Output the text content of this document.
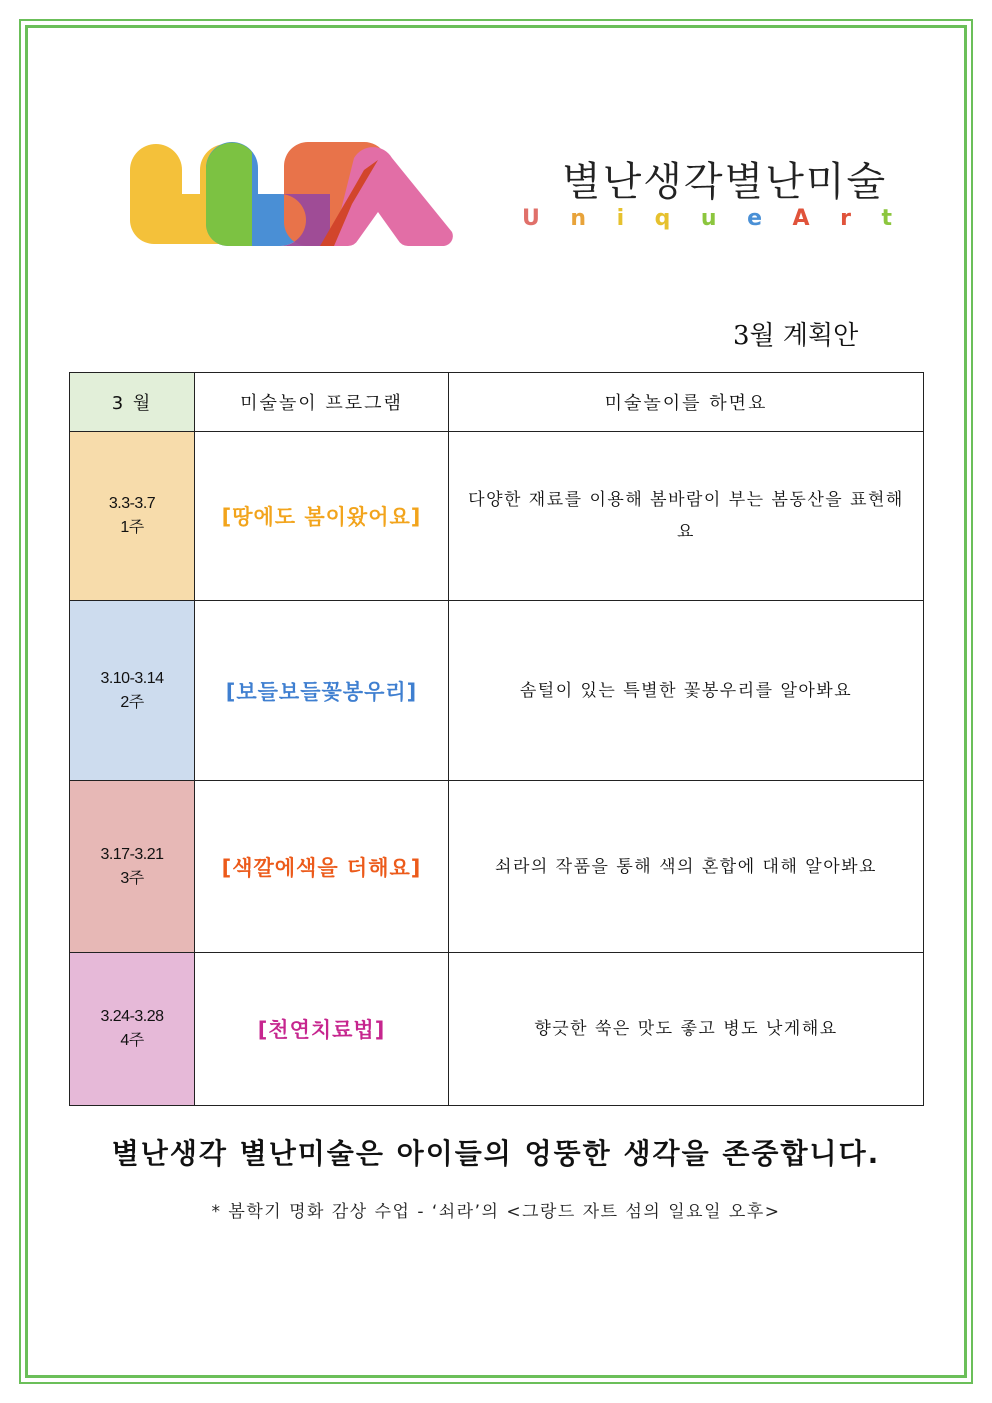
별난생각별난미술
U n i q u e A r t
3월 계획안
3 월	미술놀이 프로그램	미술놀이를 하면요

3.3-3.7
1주	[땅에도 봄이왔어요]	다양한 재료를 이용해 봄바람이 부는 봄동산을 표현해요

3.10-3.14
2주	[보들보들꽃봉우리]	솜털이 있는 특별한 꽃봉우리를 알아봐요

3.17-3.21
3주	[색깔에색을 더해요]	쇠라의 작품을 통해 색의 혼합에 대해 알아봐요

3.24-3.28
4주	[천연치료법]	향긋한 쑥은 맛도 좋고 병도 낫게해요
별난생각 별난미술은 아이들의 엉뚱한 생각을 존중합니다.
* 봄학기 명화 감상 수업 - ‘쇠라’의 <그랑드 자트 섬의 일요일 오후>
